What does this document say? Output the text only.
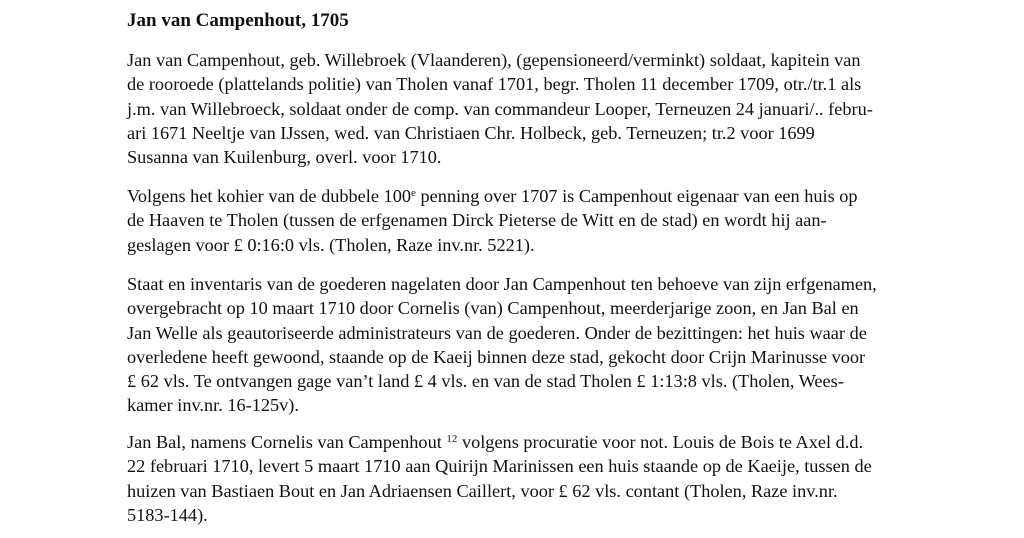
Jan van Campenhout, 1705

Jan van Campenhout, geb. Willebroek (Vlaanderen), (gepensioneerd/verminkt) soldaat, kapitein van
de rooroede (plattelands politie) van Tholen vanaf 1701, begr. Tholen 11 december 1709, otr./tr.1 als
j.m. van Willebroeck, soldaat onder de comp. van commandeur Looper, Terneuzen 24 januari/.. febru-
ari 1671 Neeltje van IJssen, wed. van Christiaen Chr. Holbeck, geb. Terneuzen; tr.2 voor 1699
Susanna van Kuilenburg, overl. voor 1710.

Volgens het kohier van de dubbele 100e penning over 1707 is Campenhout eigenaar van een huis op
de Haaven te Tholen (tussen de erfgenamen Dirck Pieterse de Witt en de stad) en wordt hij aan-
geslagen voor £ 0:16:0 vls. (Tholen, Raze inv.nr. 5221).

Staat en inventaris van de goederen nagelaten door Jan Campenhout ten behoeve van zijn erfgenamen,
overgebracht op 10 maart 1710 door Cornelis (van) Campenhout, meerderjarige zoon, en Jan Bal en
Jan Welle als geautoriseerde administrateurs van de goederen. Onder de bezittingen: het huis waar de
overledene heeft gewoond, staande op de Kaeij binnen deze stad, gekocht door Crijn Marinusse voor
£ 62 vls. Te ontvangen gage van’t land £ 4 vls. en van de stad Tholen £ 1:13:8 vls. (Tholen, Wees-
kamer inv.nr. 16-125v).

Jan Bal, namens Cornelis van Campenhout $^{12}$ volgens procuratie voor not. Louis de Bois te Axel d.d.
22 februari 1710, levert 5 maart 1710 aan Quirijn Marinissen een huis staande op de Kaeije, tussen de
huizen van Bastiaen Bout en Jan Adriaensen Caillert, voor £ 62 vls. contant (Tholen, Raze inv.nr.
5183-144).
